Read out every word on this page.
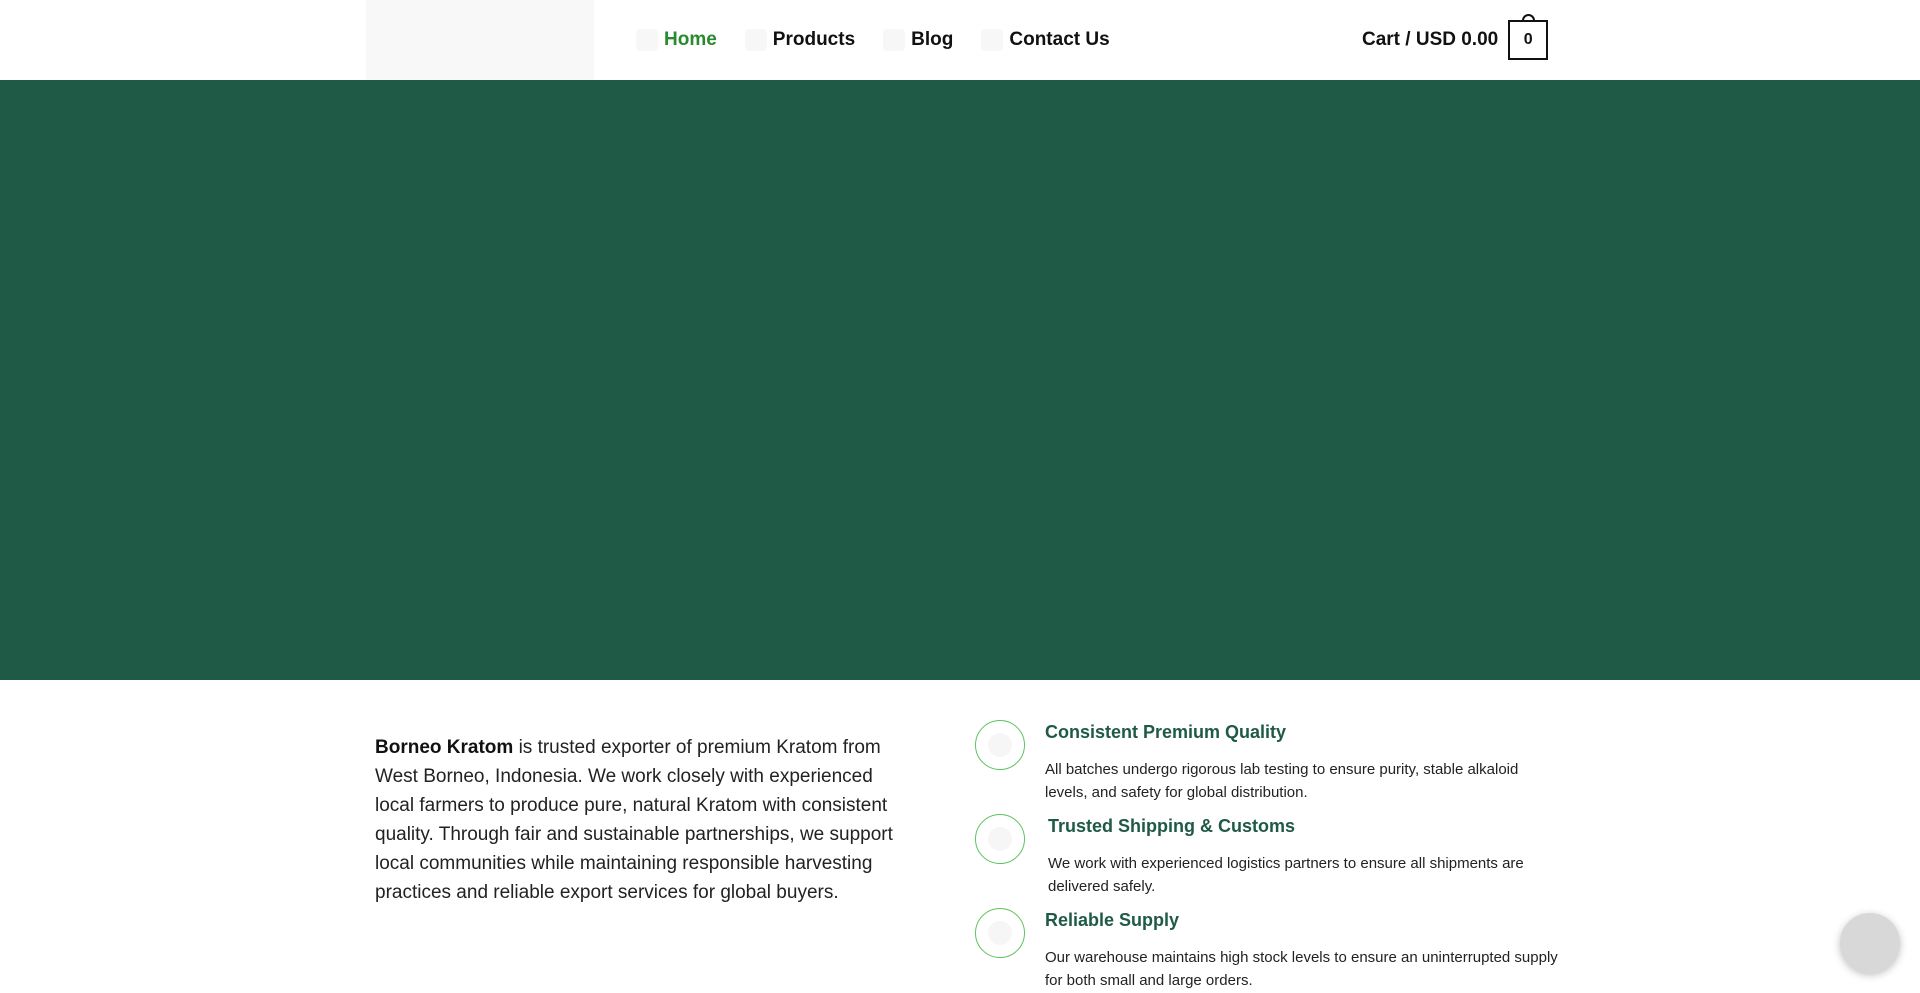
Home	Products	Blog	Contact Us	Cart / USD 0.00 0
Borneo Kratom is trusted exporter of premium Kratom from West Borneo, Indonesia. We work closely with experienced local farmers to produce pure, natural Kratom with consistent quality. Through fair and sustainable partnerships, we support local communities while maintaining responsible harvesting practices and reliable export services for global buyers.
Consistent Premium Quality
All batches undergo rigorous lab testing to ensure purity, stable alkaloid levels, and safety for global distribution.
Trusted Shipping & Customs
We work with experienced logistics partners to ensure all shipments are delivered safely.
Reliable Supply
Our warehouse maintains high stock levels to ensure an uninterrupted supply for both small and large orders.
